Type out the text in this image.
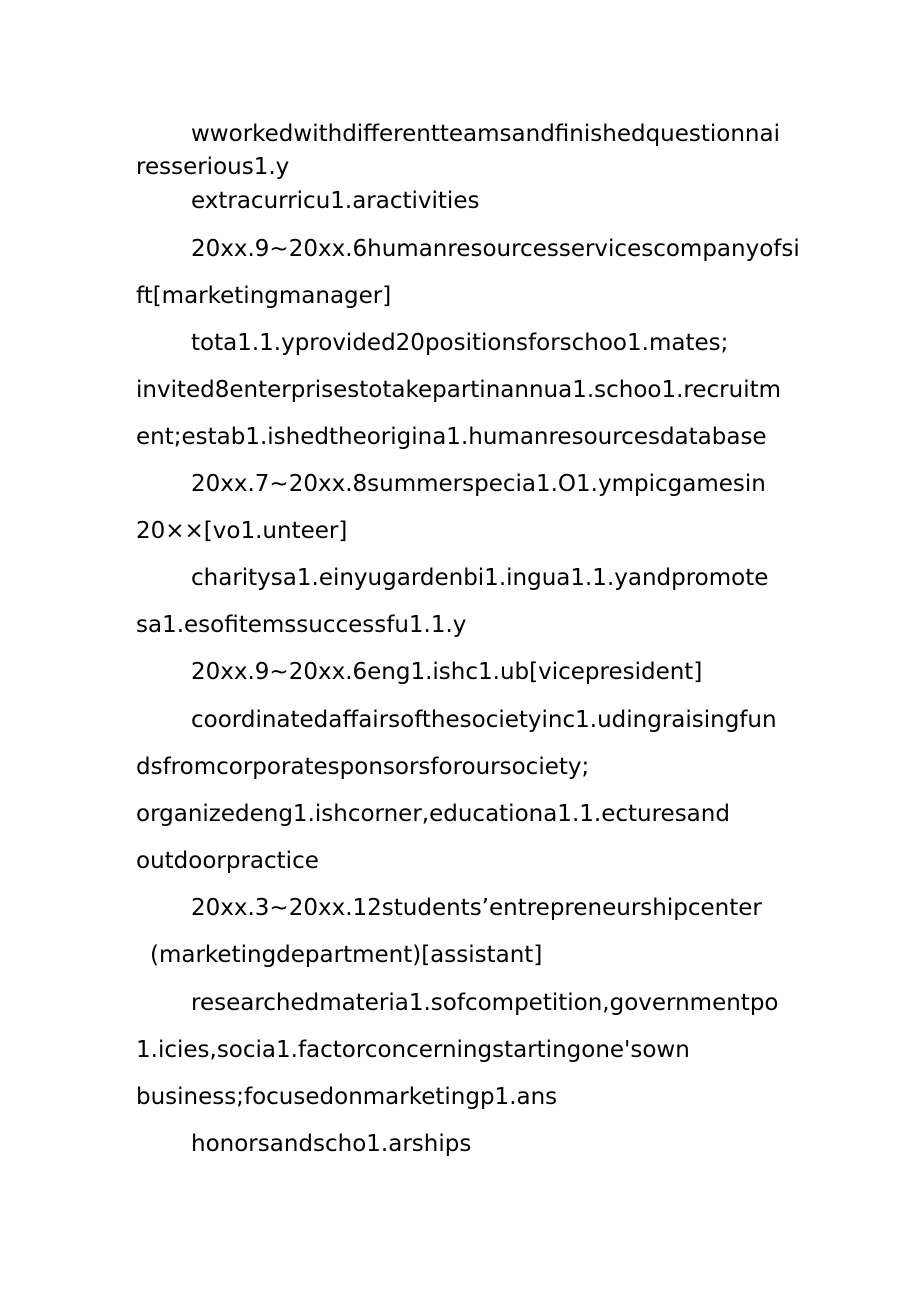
wworkedwithdifferentteamsandfinishedquestionnai
resserious1.y
extracurricu1.aractivities
20xx.9~20xx.6humanresourcesservicescompanyofsi
ft[marketingmanager]
tota1.1.yprovided20positionsforschoo1.mates;
invited8enterprisestotakepartinannua1.schoo1.recruitm
ent;estab1.ishedtheorigina1.humanresourcesdatabase
20xx.7~20xx.8summerspecia1.O1.ympicgamesin
20××[vo1.unteer]
charitysa1.einyugardenbi1.ingua1.1.yandpromote
sa1.esofitemssuccessfu1.1.y
20xx.9~20xx.6eng1.ishc1.ub[vicepresident]
coordinatedaffairsofthesocietyinc1.udingraisingfun
dsfromcorporatesponsorsforoursociety;
organizedeng1.ishcorner,educationa1.1.ecturesand
outdoorpractice
20xx.3~20xx.12students’entrepreneurshipcenter
(marketingdepartment)[assistant]
researchedmateria1.sofcompetition,governmentpo
1.icies,socia1.factorconcerningstartingone'sown
business;focusedonmarketingp1.ans
honorsandscho1.arships
